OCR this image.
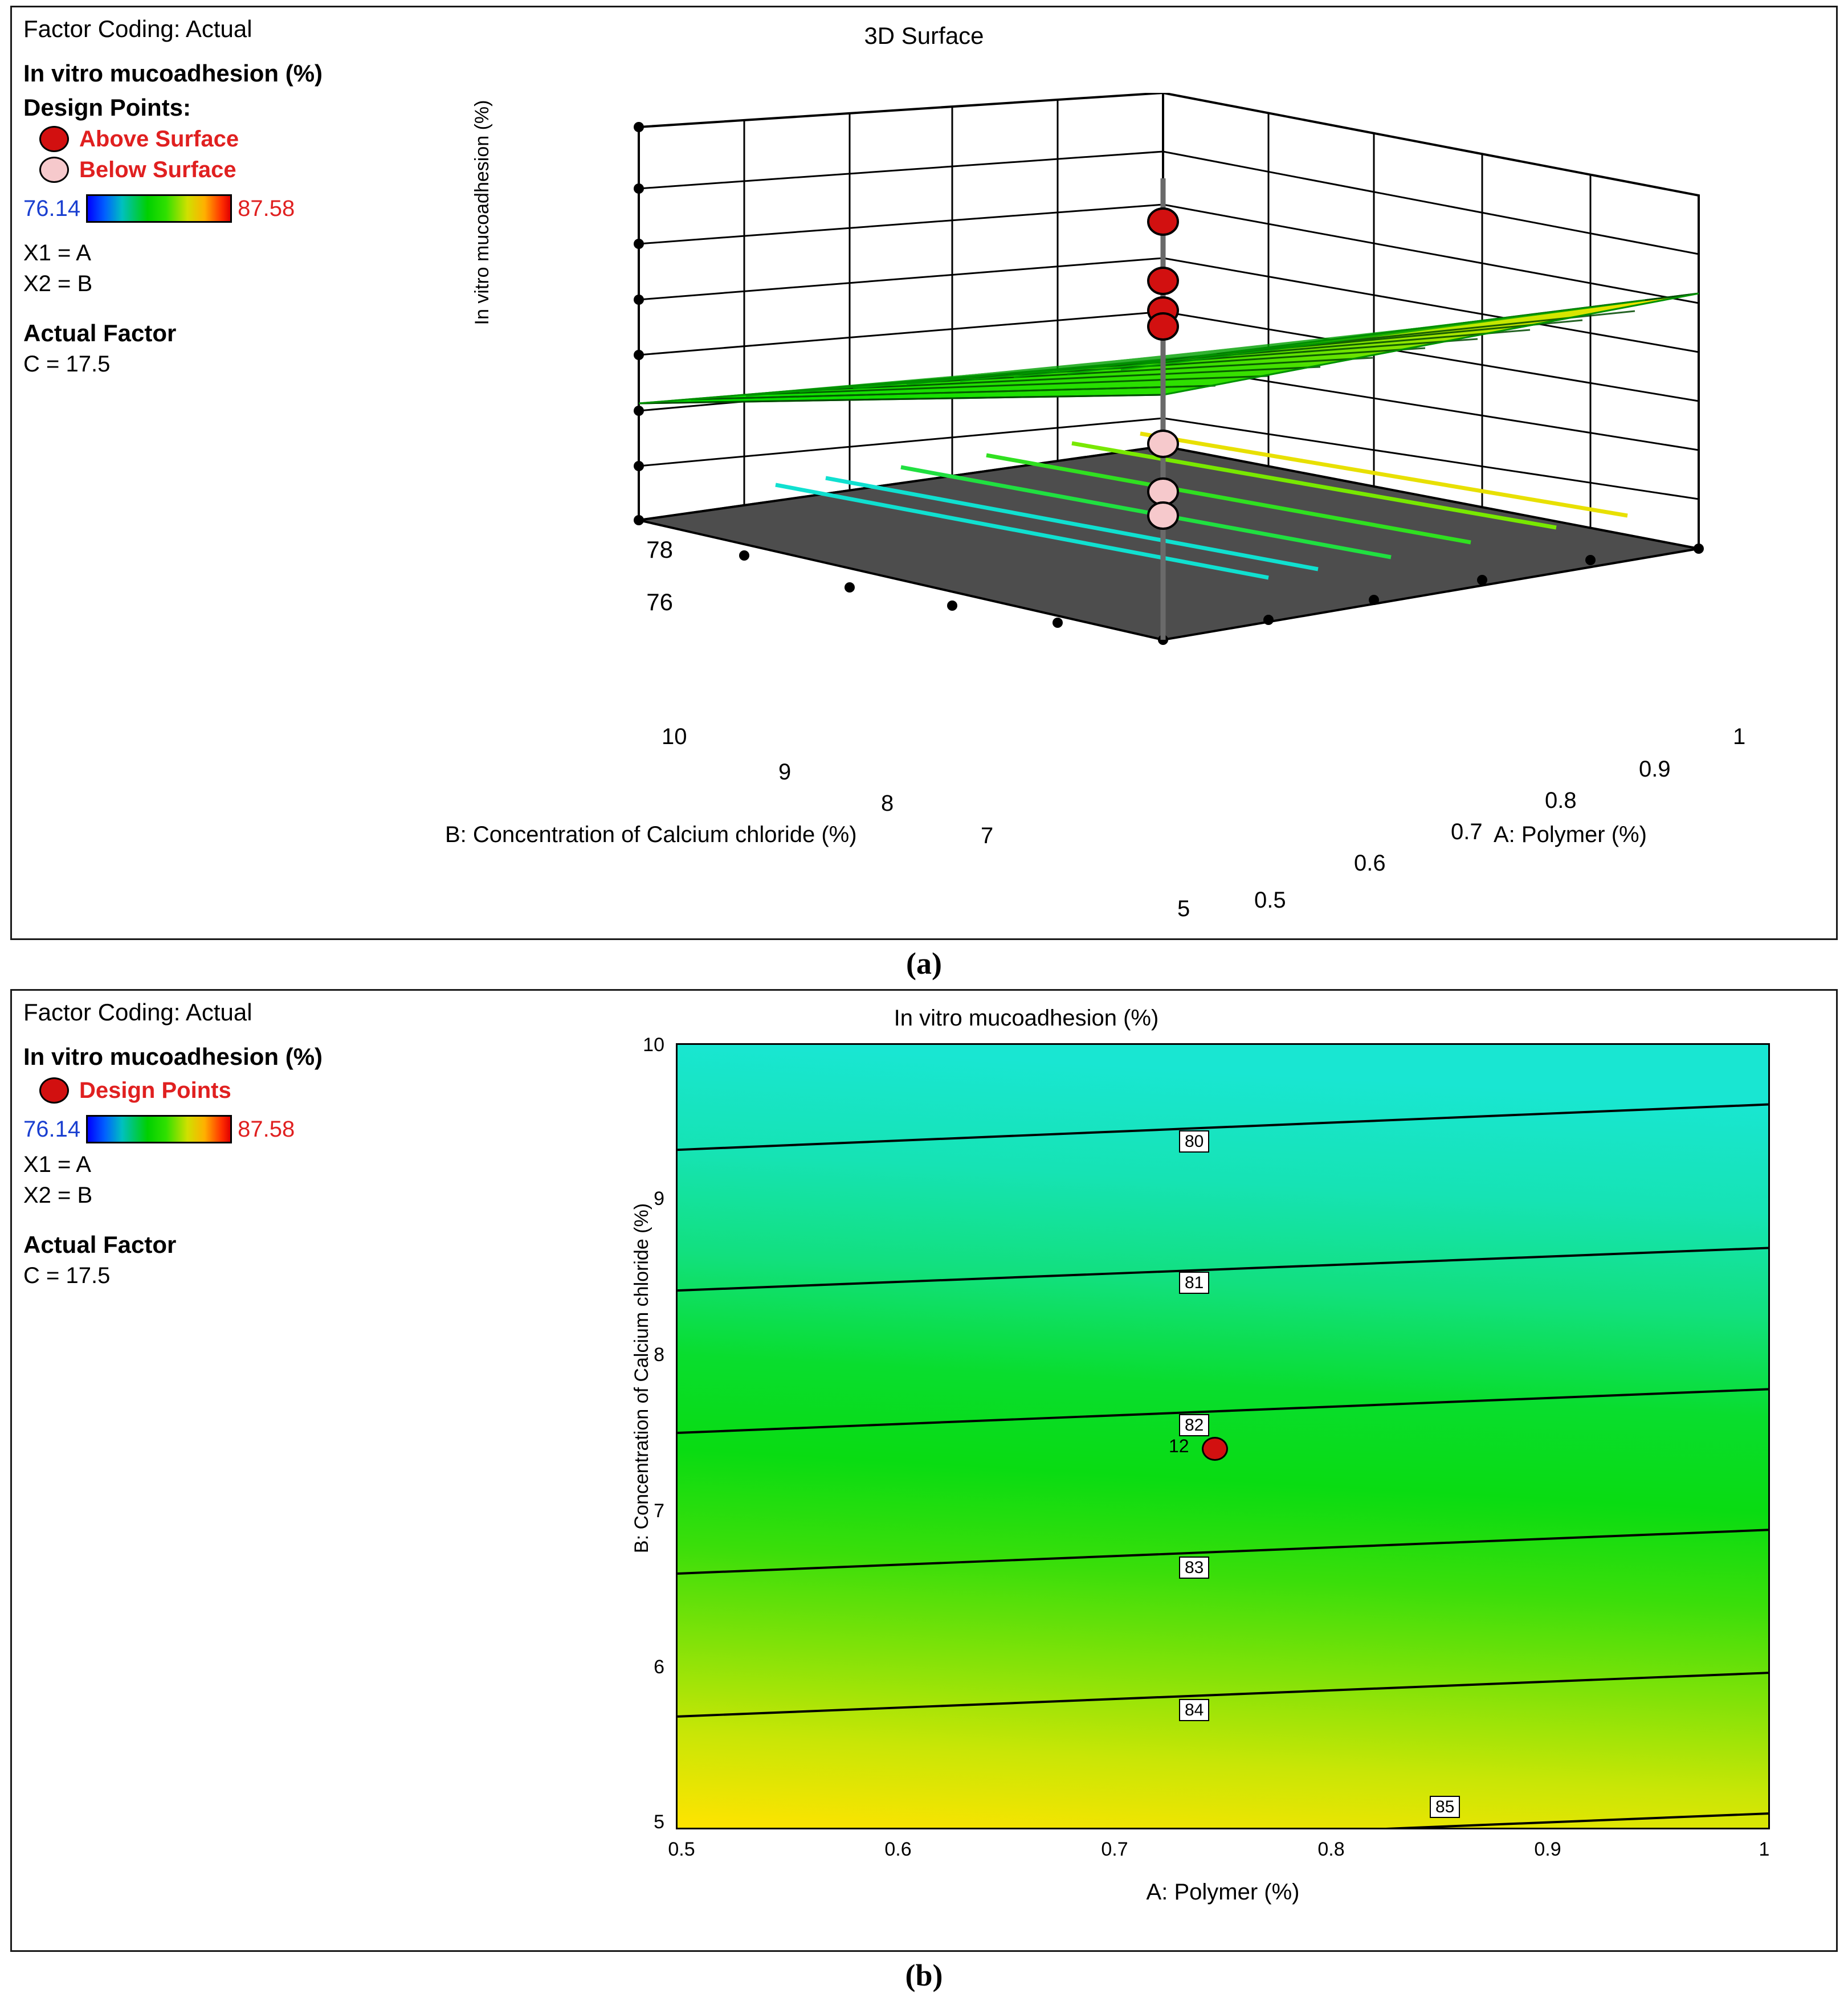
Factor Coding: Actual
In vitro mucoadhesion (%)
Design Points:
Above Surface
Below Surface
76.14	87.58
X1 = A
X2 = B
Actual Factor
C = 17.5
3D Surface
In vitro mucoadhesion (%)
78
76
10
9
8
7
5
1
0.9
0.8
0.7
0.6
0.5
B: Concentration of Calcium chloride (%)	A: Polymer (%)
(a)
Factor Coding: Actual
In vitro mucoadhesion (%)
Design Points
76.14	87.58
X1 = A
X2 = B
Actual Factor
C = 17.5
In vitro mucoadhesion (%)
B: Concentration of Calcium chloride (%)
A: Polymer (%)
10
9
8
7
6
5
0.5	0.6	0.7	0.8	0.9	1
80
81
82
83
84
85
12
(b)
